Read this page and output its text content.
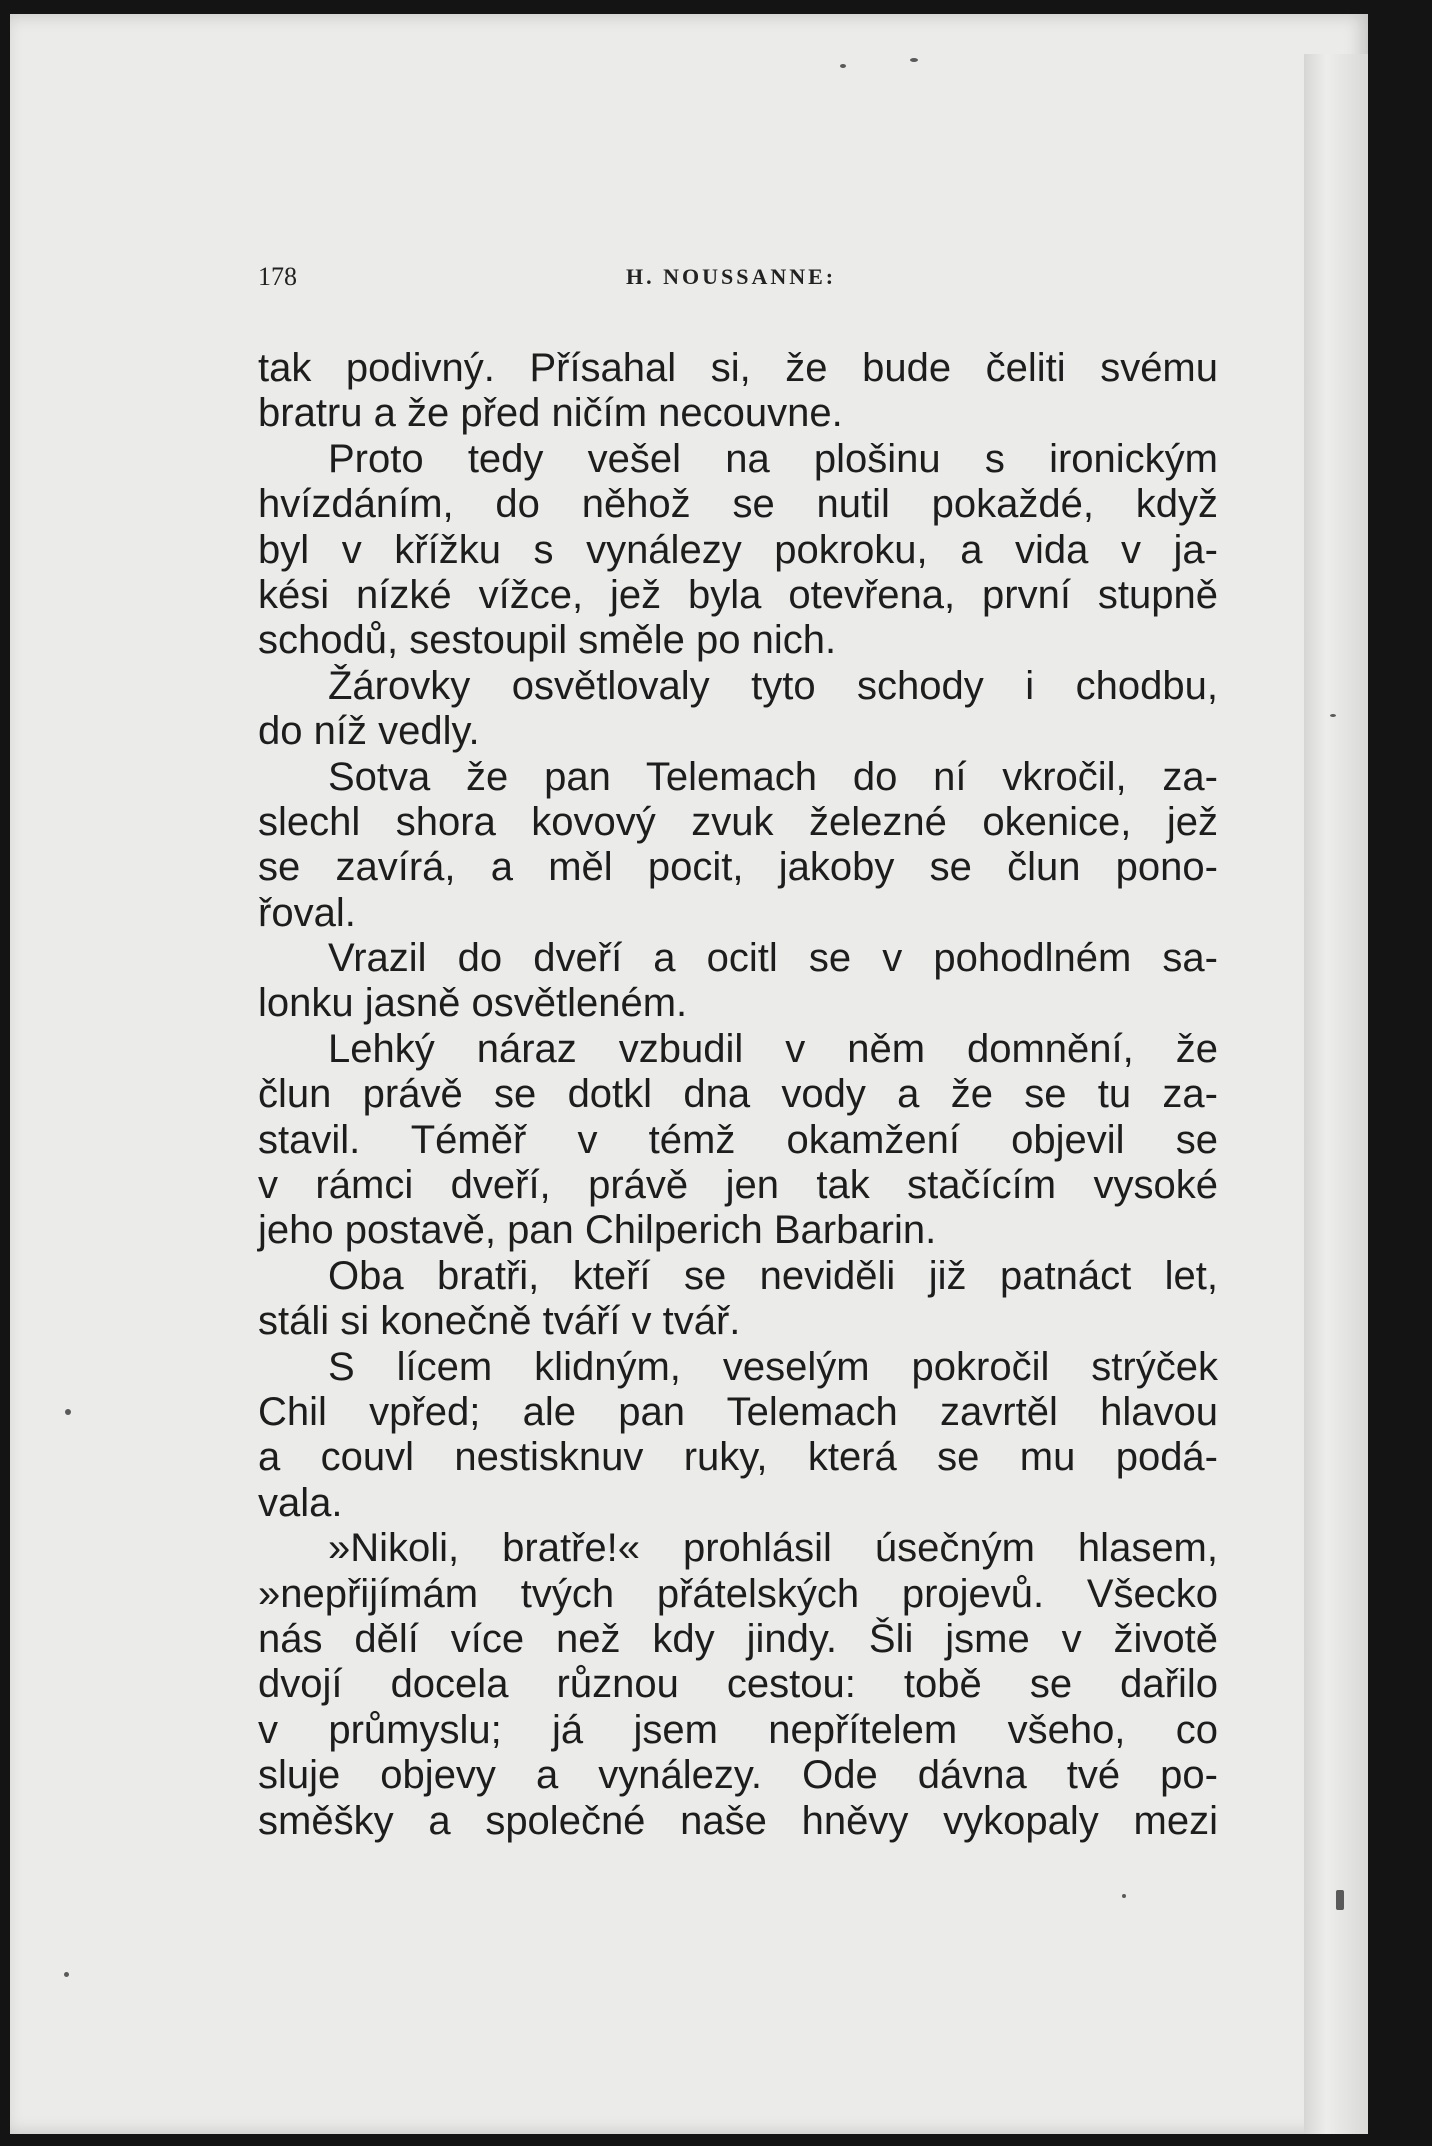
178	H. NOUSSANNE:
tak podivný. Přísahal si, že bude čeliti svému
bratru a že před ničím necouvne.
Proto tedy vešel na plošinu s ironickým
hvízdáním, do něhož se nutil pokaždé, když
byl v křížku s vynálezy pokroku, a vida v ja-
kési nízké vížce, jež byla otevřena, první stupně
schodů, sestoupil směle po nich.
Žárovky osvětlovaly tyto schody i chodbu,
do níž vedly.
Sotva že pan Telemach do ní vkročil, za-
slechl shora kovový zvuk železné okenice, jež
se zavírá, a měl pocit, jakoby se člun pono-
řoval.
Vrazil do dveří a ocitl se v pohodlném sa-
lonku jasně osvětleném.
Lehký náraz vzbudil v něm domnění, že
člun právě se dotkl dna vody a že se tu za-
stavil. Téměř v témž okamžení objevil se
v rámci dveří, právě jen tak stačícím vysoké
jeho postavě, pan Chilperich Barbarin.
Oba bratři, kteří se neviděli již patnáct let,
stáli si konečně tváří v tvář.
S lícem klidným, veselým pokročil strýček
Chil vpřed; ale pan Telemach zavrtěl hlavou
a couvl nestisknuv ruky, která se mu podá-
vala.
»Nikoli, bratře!« prohlásil úsečným hlasem,
»nepřijímám tvých přátelských projevů. Všecko
nás dělí více než kdy jindy. Šli jsme v životě
dvojí docela různou cestou: tobě se dařilo
v průmyslu; já jsem nepřítelem všeho, co
sluje objevy a vynálezy. Ode dávna tvé po-
směšky a společné naše hněvy vykopaly mezi
